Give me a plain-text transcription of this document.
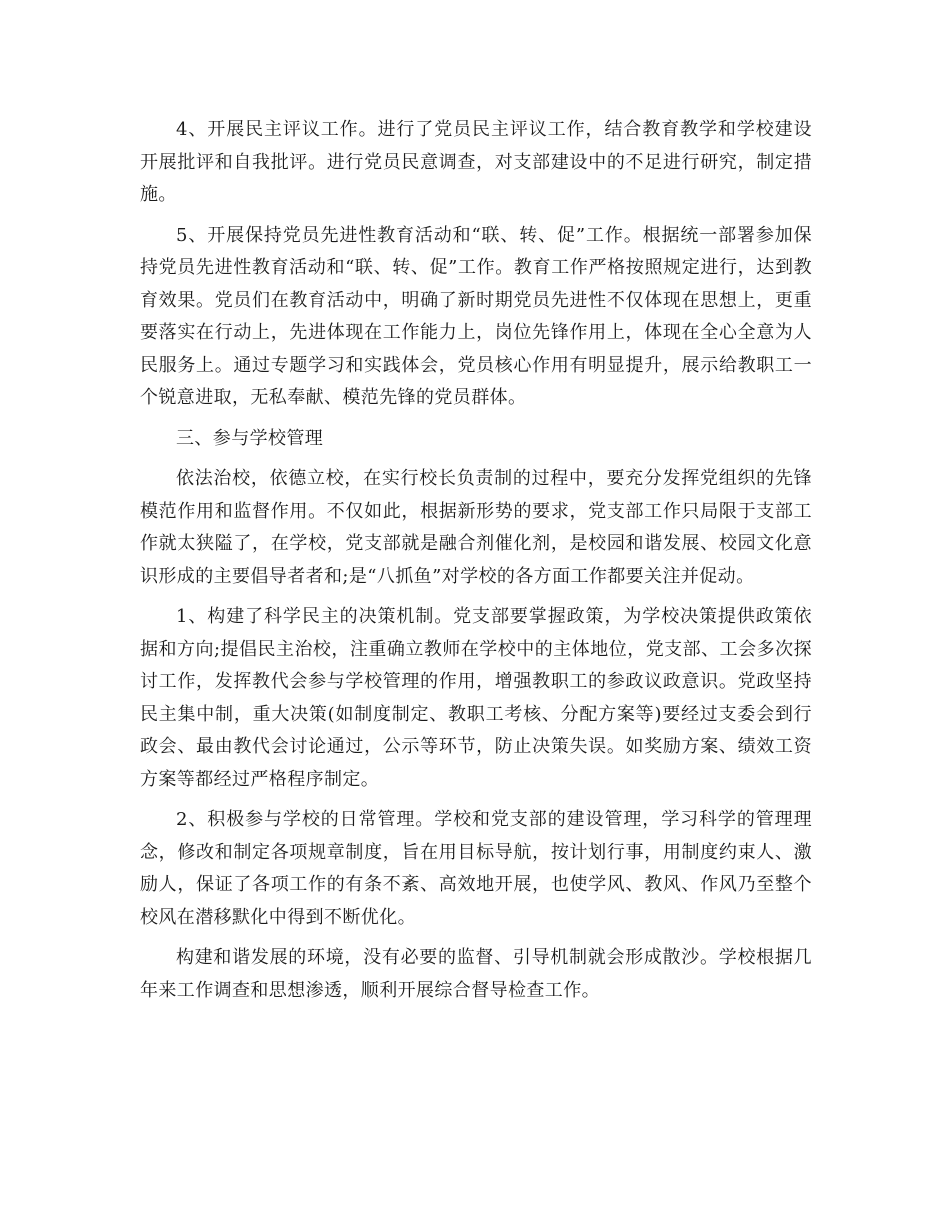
4、开展民主评议工作。进行了党员民主评议工作，结合教育教学和学校建设开展批评和自我批评。进行党员民意调查，对支部建设中的不足进行研究，制定措施。

5、开展保持党员先进性教育活动和“联、转、促”工作。根据统一部署参加保持党员先进性教育活动和“联、转、促”工作。教育工作严格按照规定进行，达到教育效果。党员们在教育活动中，明确了新时期党员先进性不仅体现在思想上，更重要落实在行动上，先进体现在工作能力上，岗位先锋作用上，体现在全心全意为人民服务上。通过专题学习和实践体会，党员核心作用有明显提升，展示给教职工一个锐意进取，无私奉献、模范先锋的党员群体。

三、参与学校管理

依法治校，依德立校，在实行校长负责制的过程中，要充分发挥党组织的先锋模范作用和监督作用。不仅如此，根据新形势的要求，党支部工作只局限于支部工作就太狭隘了，在学校，党支部就是融合剂催化剂，是校园和谐发展、校园文化意识形成的主要倡导者者和;是“八抓鱼”对学校的各方面工作都要关注并促动。

1、构建了科学民主的决策机制。党支部要掌握政策，为学校决策提供政策依据和方向;提倡民主治校，注重确立教师在学校中的主体地位，党支部、工会多次探讨工作，发挥教代会参与学校管理的作用，增强教职工的参政议政意识。党政坚持民主集中制，重大决策(如制度制定、教职工考核、分配方案等)要经过支委会到行政会、最由教代会讨论通过，公示等环节，防止决策失误。如奖励方案、绩效工资方案等都经过严格程序制定。

2、积极参与学校的日常管理。学校和党支部的建设管理，学习科学的管理理念，修改和制定各项规章制度，旨在用目标导航，按计划行事，用制度约束人、激励人，保证了各项工作的有条不紊、高效地开展，也使学风、教风、作风乃至整个校风在潜移默化中得到不断优化。

构建和谐发展的环境，没有必要的监督、引导机制就会形成散沙。学校根据几年来工作调查和思想渗透，顺利开展综合督导检查工作。
